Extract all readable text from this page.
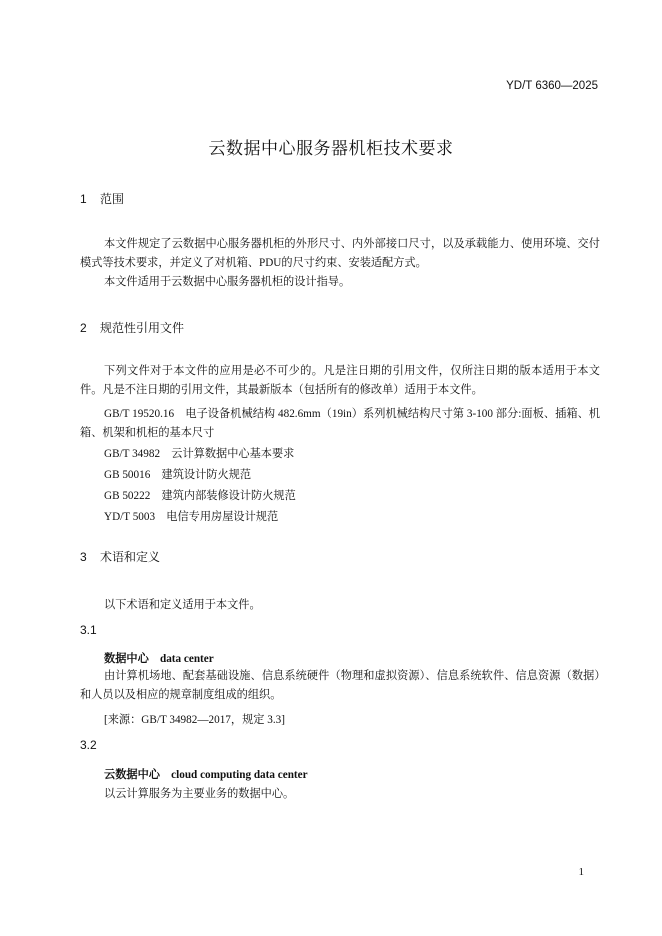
YD/T 6360—2025
云数据中心服务器机柜技术要求
1 范围
本文件规定了云数据中心服务器机柜的外形尺寸、内外部接口尺寸，以及承载能力、使用环境、交付模式等技术要求，并定义了对机箱、PDU的尺寸约束、安装适配方式。
本文件适用于云数据中心服务器机柜的设计指导。
2 规范性引用文件
下列文件对于本文件的应用是必不可少的。凡是注日期的引用文件，仅所注日期的版本适用于本文件。凡是不注日期的引用文件，其最新版本（包括所有的修改单）适用于本文件。
GB/T 19520.16　电子设备机械结构 482.6mm（19in）系列机械结构尺寸第 3-100 部分:面板、插箱、机箱、机架和机柜的基本尺寸
GB/T 34982　 云计算数据中心基本要求
GB 50016　 建筑设计防火规范
GB 50222　 建筑内部装修设计防火规范
YD/T 5003　 电信专用房屋设计规范
3 术语和定义
以下术语和定义适用于本文件。
3.1
数据中心　 data center
由计算机场地、配套基础设施、信息系统硬件（物理和虚拟资源）、信息系统软件、信息资源（数据）和人员以及相应的规章制度组成的组织。
[来源：GB/T 34982—2017，规定 3.3]
3.2
云数据中心　 cloud computing data center
以云计算服务为主要业务的数据中心。
1
